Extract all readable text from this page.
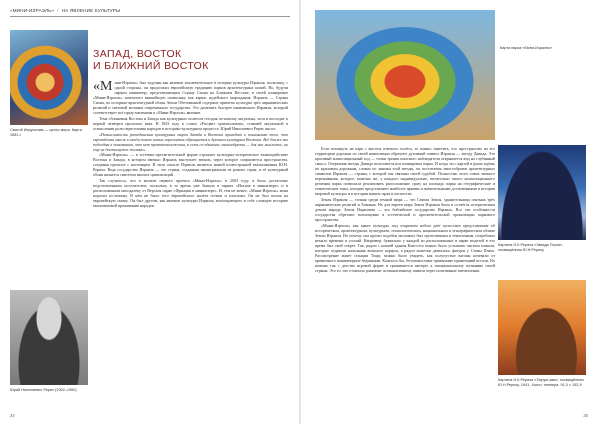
«МИНИ-ИЗРАЭЛЬ» / НА ЯВЛЕНИЕ КУЛЬТУРЫ
Святой Иерусалим — центр мира. Карта 1581 г.
Юрий Николаевич Рерих (1902–1960)
ЗАПАД, ВОСТОК
И БЛИЖНИЙ ВОСТОК

«Мини-Израэль» был задуман как явление исключительное в истории культуры Израиля, поскольку, с одной стороны, он продолжил европейскую традицию парков архитектурных копий. Но, будучи парком миниатюр, представляющим Страну Сиона на Ближнем Востоке, в своей планировке «Мини-Израэль» запечатлел важнейшую символику как каркас иудейского мироздания. Израиль — Страна Сиона, по историко-архитектурной облик Земли Обетованной содержит приметы культуры трёх авраамических религий и световой мозаики современного государства. Это даменить быстрее наивненного Израиля, который соответствует всё представлениям в «Мини-Израэль» явление.

Тема сближения Востока и Запада как культурных полюсов сегодня по-новому актуальна, хотя и восходит к первой четверти прошлого века. В 1923 году в статье «Расцвет ориентализма», ставшей актуальной в осмыслении роли переселения народов в историко-культурном процессе, Юрий Николаевич Рерих писал:

«Немыслимость разъединения культурных миров Запада и Востока приводит к пониманию того, что европейская мысль в своём поиске новых горизонтов обращается к древним культурам Востока. Всё ближе мы подходим к пониманию, что нет противоположения, а есть со-единение многообразия — для нас мыслимое, но ещё не достигнутое жизнью».

«Мини-Израэль» — в эстетико-просветительной форме отражает культурно-историческое взаимодействие Востока и Запада, в котором именно Израиль выступает звеном, через которое сопрягаются пространства, соединяя прошлое с настоящим. В этом смысле Израиль является живой иллюстрацией высказывания Ю.Н. Рериха. Ведь государство Израиль — это страна, созданная иммигрантами из разных стран, и её культурный облик является синтезом многих цивилизаций.

Так случилось, что в момент первого проекта «Мини-Израэль» в 2003 году, я была достаточно подготовленным посетителем, поскольку в то время уже бывала в парках «Италия в миниатюре» и в расположенном неподалёку от Версаля парке «Франция в миниатюре». И, тем не менее, «Мини-Израэль» меня поразил по-новому. В нём не было того европейского налёта готики и классики. Он не был похож на европейскую сказку. Он был другим, как явление культуры Израиля, воплощающего в себе сложную историю многовековой проживания народов.

24
Карта парка «Мини-Израэль»
Картина Н.К.Рериха «Звезда Героя», посвящённая Ю.Н.Рериху
Картина Н.К.Рериха «Тюрум-зам», посвящённая Ю.Н.Рериху. 1941. Холст, темпера. 91,0 × 152,9

Если взглянуть на парк с высоты птичьего полёта, то можно заметить, что пространство на его территории дорожки по своей композиции образуют духовный символ Израиля — звезду Давида. Это красивый композиционный ход — точки зрения опытного наблюдателя открывается вид на глубинный смысл. Очертания звезды Давида получаются вся планировка парка. И когда ты с картой в руках идёшь по красивым дорожкам, словно по линиям этой звезды, ты постигаешь многообразие архитектурных символов Израиля — страны, с которой мы связаны своей судьбой. Полностью этого очень личного переживания, которое, конечно же, у каждого индивидуально, питательно такого композиционного решения парка позволила реализовать расположение сразу на площадь парка на географические и тематические зоны, которые представляют наиболее яркими и значительными достижениями в истории мировой культуры и в истории нашего края в частности.

Земля Израиля — точная среди земной мира — это Святая Земля, хранительница святынь трёх авраамических религий и Ханаана. Но для евреев мира Земля Израиля была и остаётся историческим домом народа. Земля Израилева — это библейское государство Израиль. Все эти особенности государства обретают воплощение в эстетической и просветительской организации паркового пространства.

«Мини-Израэль» как макет культуры под открытым небом даёт целостное представление об историческом, архитектурном, культурном, технологическом, национальном и этнографическом облике Земли Израиля. Но почему сам проект подобен экспонату был прототипным и тематичным, потребовал немало времени и усилий. Например, буквально у каждой из расположенных в парке моделей в что время был свой секрет. Так, рядом с копией здания Кнессета можно было услышать чистым клином, которые отдавали начальник военного караула, а рядом монетки двигались фигуры у Стены Плача. Рассмотрение макет станции Тощи, можно было увидеть, как полупустые вагоны кочевали от привычного миниатюрное бедниками. Казалось бы, безличностные привычные примечаний встали. Но именно так с детства игровой форме и принимается интерес к эмоциональному познанию своей страны. Это то, что отличало ракемент асташиатичному памяти через позитивные впечатления.

25
